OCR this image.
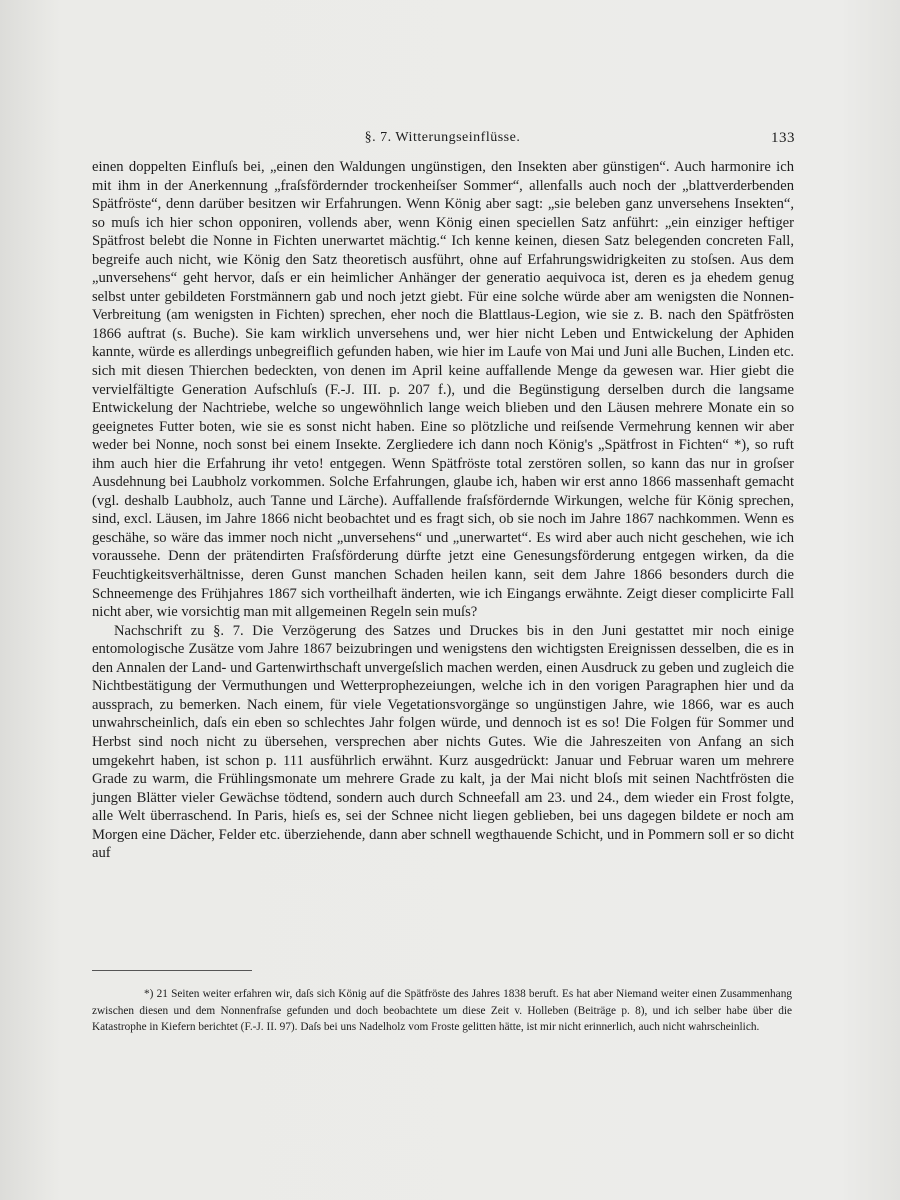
§. 7. Witterungseinflüsse.	133

einen doppelten Einfluſs bei, „einen den Waldungen ungünstigen, den Insekten aber günstigen“. Auch harmonire ich mit ihm in der Anerkennung „fraſsfördernder trockenheiſser Sommer“, allenfalls auch noch der „blattverderbenden Spätfröste“, denn darüber besitzen wir Erfahrungen. Wenn König aber sagt: „sie beleben ganz unversehens Insekten“, so muſs ich hier schon opponiren, vollends aber, wenn König einen speciellen Satz anführt: „ein einziger heftiger Spätfrost belebt die Nonne in Fichten unerwartet mächtig.“ Ich kenne keinen, diesen Satz belegenden concreten Fall, begreife auch nicht, wie König den Satz theoretisch ausführt, ohne auf Erfahrungswidrigkeiten zu stoſsen. Aus dem „unversehens“ geht hervor, daſs er ein heimlicher Anhänger der generatio aequivoca ist, deren es ja ehedem genug selbst unter gebildeten Forstmännern gab und noch jetzt giebt. Für eine solche würde aber am wenigsten die Nonnen-Verbreitung (am wenigsten in Fichten) sprechen, eher noch die Blattlaus-Legion, wie sie z. B. nach den Spätfrösten 1866 auftrat (s. Buche). Sie kam wirklich unversehens und, wer hier nicht Leben und Entwickelung der Aphiden kannte, würde es allerdings unbegreiflich gefunden haben, wie hier im Laufe von Mai und Juni alle Buchen, Linden etc. sich mit diesen Thierchen bedeckten, von denen im April keine auffallende Menge da gewesen war. Hier giebt die vervielfältigte Generation Aufschluſs (F.-J. III. p. 207 f.), und die Begünstigung derselben durch die langsame Entwickelung der Nachtriebe, welche so ungewöhnlich lange weich blieben und den Läusen mehrere Monate ein so geeignetes Futter boten, wie sie es sonst nicht haben. Eine so plötzliche und reiſsende Vermehrung kennen wir aber weder bei Nonne, noch sonst bei einem Insekte. Zergliedere ich dann noch König's „Spätfrost in Fichten“ *), so ruft ihm auch hier die Erfahrung ihr veto! entgegen. Wenn Spätfröste total zerstören sollen, so kann das nur in groſser Ausdehnung bei Laubholz vorkommen. Solche Erfahrungen, glaube ich, haben wir erst anno 1866 massenhaft gemacht (vgl. deshalb Laubholz, auch Tanne und Lärche). Auffallende fraſsfördernde Wirkungen, welche für König sprechen, sind, excl. Läusen, im Jahre 1866 nicht beobachtet und es fragt sich, ob sie noch im Jahre 1867 nachkommen. Wenn es geschähe, so wäre das immer noch nicht „unversehens“ und „unerwartet“. Es wird aber auch nicht geschehen, wie ich voraussehe. Denn der prätendirten Fraſsförderung dürfte jetzt eine Genesungsförderung entgegen wirken, da die Feuchtigkeitsverhältnisse, deren Gunst manchen Schaden heilen kann, seit dem Jahre 1866 besonders durch die Schneemenge des Frühjahres 1867 sich vortheilhaft änderten, wie ich Eingangs erwähnte. Zeigt dieser complicirte Fall nicht aber, wie vorsichtig man mit allgemeinen Regeln sein muſs?

Nachschrift zu §. 7. Die Verzögerung des Satzes und Druckes bis in den Juni gestattet mir noch einige entomologische Zusätze vom Jahre 1867 beizubringen und wenigstens den wichtigsten Ereignissen desselben, die es in den Annalen der Land- und Gartenwirthschaft unvergeſslich machen werden, einen Ausdruck zu geben und zugleich die Nichtbestätigung der Vermuthungen und Wetterprophezeiungen, welche ich in den vorigen Paragraphen hier und da aussprach, zu bemerken. Nach einem, für viele Vegetationsvorgänge so ungünstigen Jahre, wie 1866, war es auch unwahrscheinlich, daſs ein eben so schlechtes Jahr folgen würde, und dennoch ist es so! Die Folgen für Sommer und Herbst sind noch nicht zu übersehen, versprechen aber nichts Gutes. Wie die Jahreszeiten von Anfang an sich umgekehrt haben, ist schon p. 111 ausführlich erwähnt. Kurz ausgedrückt: Januar und Februar waren um mehrere Grade zu warm, die Frühlingsmonate um mehrere Grade zu kalt, ja der Mai nicht bloſs mit seinen Nachtfrösten die jungen Blätter vieler Gewächse tödtend, sondern auch durch Schneefall am 23. und 24., dem wieder ein Frost folgte, alle Welt überraschend. In Paris, hieſs es, sei der Schnee nicht liegen geblieben, bei uns dagegen bildete er noch am Morgen eine Dächer, Felder etc. überziehende, dann aber schnell wegthauende Schicht, und in Pommern soll er so dicht auf

*) 21 Seiten weiter erfahren wir, daſs sich König auf die Spätfröste des Jahres 1838 beruft. Es hat aber Niemand weiter einen Zusammenhang zwischen diesen und dem Nonnenfraſse gefunden und doch beobachtete um diese Zeit v. Holleben (Beiträge p. 8), und ich selber habe über die Katastrophe in Kiefern berichtet (F.-J. II. 97). Daſs bei uns Nadelholz vom Froste gelitten hätte, ist mir nicht erinnerlich, auch nicht wahrscheinlich.
